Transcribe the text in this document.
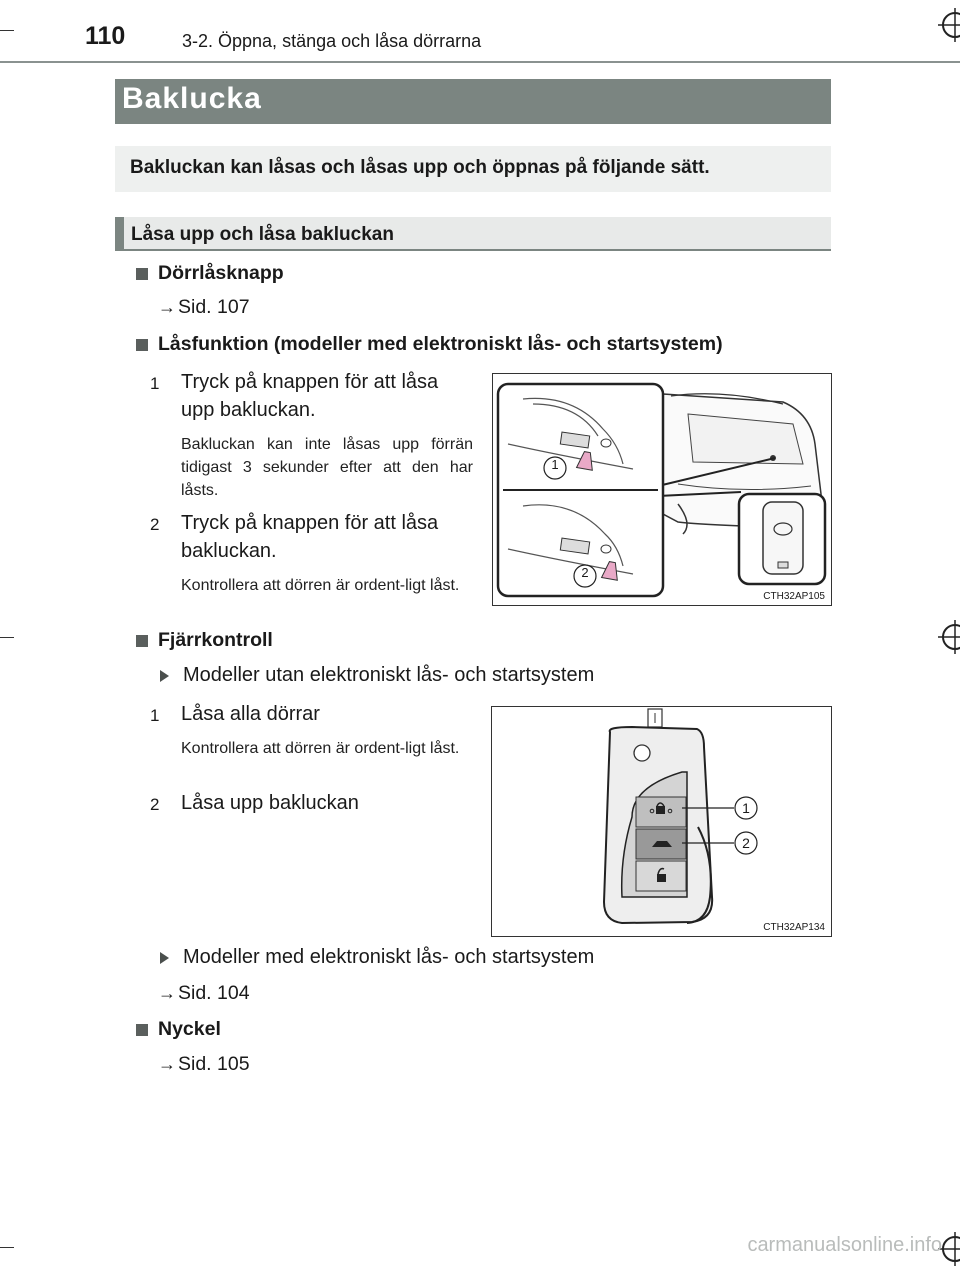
110	3-2. Öppna, stänga och låsa dörrarna
Baklucka
Bakluckan kan låsas och låsas upp och öppnas på följande sätt.
Låsa upp och låsa bakluckan
Dörrlåsknapp
→ Sid. 107
Låsfunktion (modeller med elektroniskt lås- och startsystem)
1 Tryck på knappen för att låsa upp bakluckan.
Bakluckan kan inte låsas upp förrän tidigast 3 sekunder efter att den har låsts.
2 Tryck på knappen för att låsa bakluckan.
Kontrollera att dörren är ordent-ligt låst.
1
2
CTH32AP105
Fjärrkontroll
Modeller utan elektroniskt lås- och startsystem
1 Låsa alla dörrar
Kontrollera att dörren är ordent-ligt låst.
2 Låsa upp bakluckan	1
2
CTH32AP134
Modeller med elektroniskt lås- och startsystem
→ Sid. 104
Nyckel
→ Sid. 105
carmanualsonline.info
